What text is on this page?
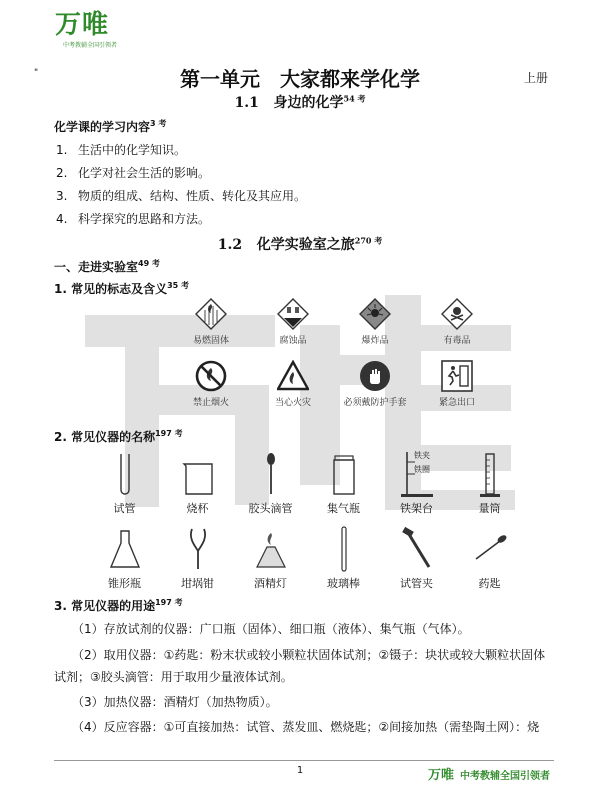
万唯
中考教辅全国引领者
"	第一单元 大家都来学化学	上册
1.1 身边的化学$^{54 考}$
化学课的学习内容$^{3 考}$
1. 生活中的化学知识。
2. 化学对社会生活的影响。
3. 物质的组成、结构、性质、转化及其应用。
4. 科学探究的思路和方法。
1.2 化学实验室之旅$^{270 考}$
一、走进实验室$^{49 考}$
1. 常见的标志及含义$^{35 考}$
易燃固体	腐蚀品	爆炸品	有毒品
禁止烟火	当心火灾	必须戴防护手套	紧急出口
2. 常见仪器的名称$^{197 考}$
试管	烧杯	胶头滴管	集气瓶	铁架台	量筒
铁夹
铁圈
锥形瓶	坩埚钳	酒精灯	玻璃棒	试管夹	药匙
3. 常见仪器的用途$^{197 考}$
（1）存放试剂的仪器：广口瓶（固体）、细口瓶（液体）、集气瓶（气体）。
（2）取用仪器：①药匙：粉末状或较小颗粒状固体试剂；②镊子：块状或较大颗粒状固体
试剂；③胶头滴管：用于取用少量液体试剂。
（3）加热仪器：酒精灯（加热物质）。
（4）反应容器：①可直接加热：试管、蒸发皿、燃烧匙；②间接加热（需垫陶土网）：烧
1	万唯 中考教辅全国引领者
